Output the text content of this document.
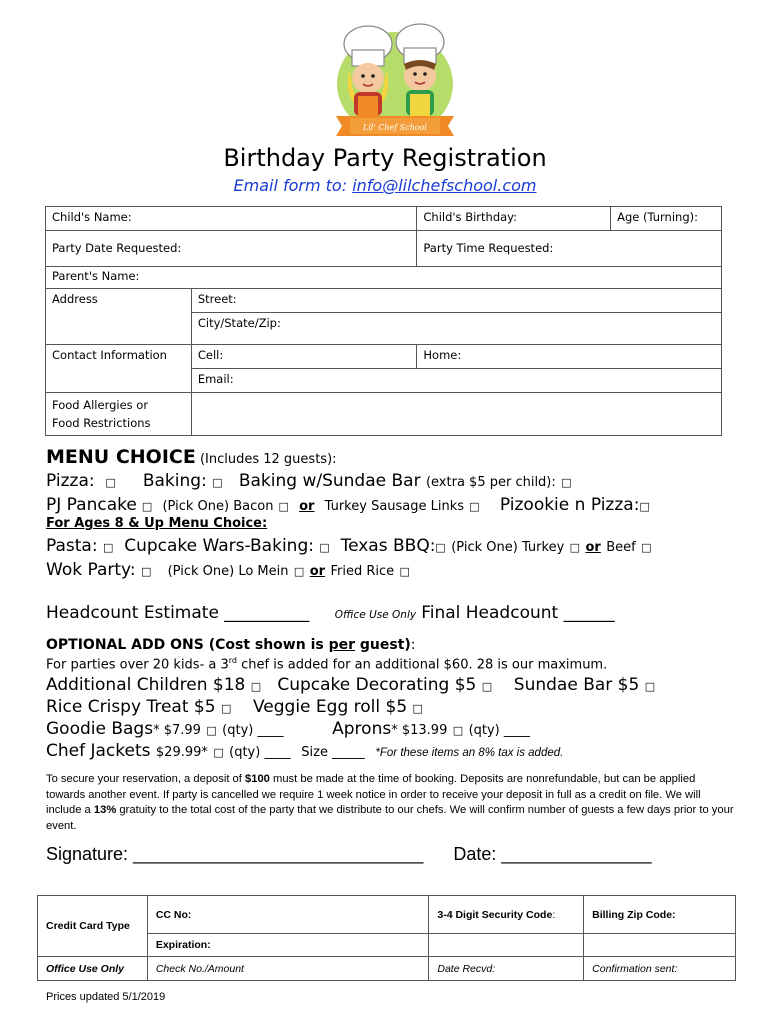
Lil' Chef School
Birthday Party Registration
Email form to: info@lilchefschool.com
Child's Name:		Child's Birthday:	Age (Turning):
Party Date Requested:		Party Time Requested:	
Parent's Name:			
Address	Street:		
	City/State/Zip:		
Contact Information	Cell:	Home:	
	Email:		
Food Allergies or
Food Restrictions			
MENU CHOICE (Includes 12 guests):
Pizza: □ Baking: □ Baking w/Sundae Bar (extra $5 per child): □
PJ Pancake □ (Pick One) Bacon □ or Turkey Sausage Links □ Pizookie n Pizza:□
For Ages 8 & Up Menu Choice:
Pasta: □ Cupcake Wars-Baking: □ Texas BBQ:□ (Pick One) Turkey □ or Beef □
Wok Party: □ (Pick One) Lo Mein □ or Fried Rice □
Headcount Estimate __________ Office Use Only Final Headcount ______
OPTIONAL ADD ONS (Cost shown is per guest):
For parties over 20 kids- a 3rd chef is added for an additional $60. 28 is our maximum.
Additional Children $18 □ Cupcake Decorating $5 □ Sundae Bar $5 □
Rice Crispy Treat $5 □ Veggie Egg roll $5 □
Goodie Bags* $7.99 □ (qty) ____	Aprons* $13.99 □ (qty) ____
Chef Jackets $29.99* □ (qty) ____ Size _____ *For these items an 8% tax is added.
To secure your reservation, a deposit of $100 must be made at the time of booking. Deposits are nonrefundable, but can be applied towards another event. If party is cancelled we require 1 week notice in order to receive your deposit in full as a credit on file. We will include a 13% gratuity to the total cost of the party that we distribute to our chefs. We will confirm number of guests a few days prior to your event.
Signature: _____________________________ Date: _______________
Credit Card Type	CC No:	3-4 Digit Security Code:	Billing Zip Code:
	Expiration:		
Office Use Only	Check No./Amount	Date Recvd:	Confirmation sent:
Prices updated 5/1/2019
